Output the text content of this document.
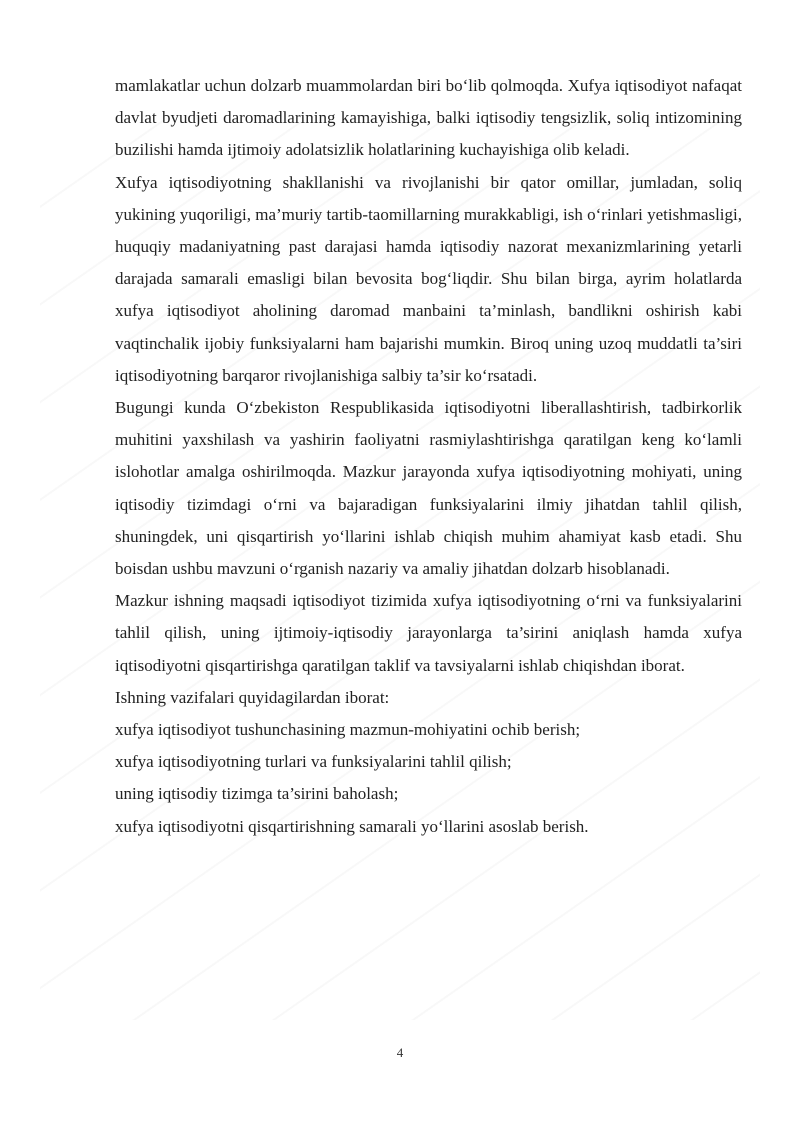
mamlakatlar uchun dolzarb muammolardan biri bo‘lib qolmoqda. Xufya iqtisodiyot nafaqat davlat byudjeti daromadlarining kamayishiga, balki iqtisodiy tengsizlik, soliq intizomining buzilishi hamda ijtimoiy adolatsizlik holatlarining kuchayishiga olib keladi.

Xufya iqtisodiyotning shakllanishi va rivojlanishi bir qator omillar, jumladan, soliq yukining yuqoriligi, ma’muriy tartib-taomillarning murakkabligi, ish o‘rinlari yetishmasligi, huquqiy madaniyatning past darajasi hamda iqtisodiy nazorat mexanizmlarining yetarli darajada samarali emasligi bilan bevosita bog‘liqdir. Shu bilan birga, ayrim holatlarda xufya iqtisodiyot aholining daromad manbaini ta’minlash, bandlikni oshirish kabi vaqtinchalik ijobiy funksiyalarni ham bajarishi mumkin. Biroq uning uzoq muddatli ta’siri iqtisodiyotning barqaror rivojlanishiga salbiy ta’sir ko‘rsatadi.

Bugungi kunda O‘zbekiston Respublikasida iqtisodiyotni liberallashtirish, tadbirkorlik muhitini yaxshilash va yashirin faoliyatni rasmiylashtirishga qaratilgan keng ko‘lamli islohotlar amalga oshirilmoqda. Mazkur jarayonda xufya iqtisodiyotning mohiyati, uning iqtisodiy tizimdagi o‘rni va bajaradigan funksiyalarini ilmiy jihatdan tahlil qilish, shuningdek, uni qisqartirish yo‘llarini ishlab chiqish muhim ahamiyat kasb etadi. Shu boisdan ushbu mavzuni o‘rganish nazariy va amaliy jihatdan dolzarb hisoblanadi.

Mazkur ishning maqsadi iqtisodiyot tizimida xufya iqtisodiyotning o‘rni va funksiyalarini tahlil qilish, uning ijtimoiy-iqtisodiy jarayonlarga ta’sirini aniqlash hamda xufya iqtisodiyotni qisqartirishga qaratilgan taklif va tavsiyalarni ishlab chiqishdan iborat.

Ishning vazifalari quyidagilardan iborat:

xufya iqtisodiyot tushunchasining mazmun-mohiyatini ochib berish;

xufya iqtisodiyotning turlari va funksiyalarini tahlil qilish;

uning iqtisodiy tizimga ta’sirini baholash;

xufya iqtisodiyotni qisqartirishning samarali yo‘llarini asoslab berish.

4
